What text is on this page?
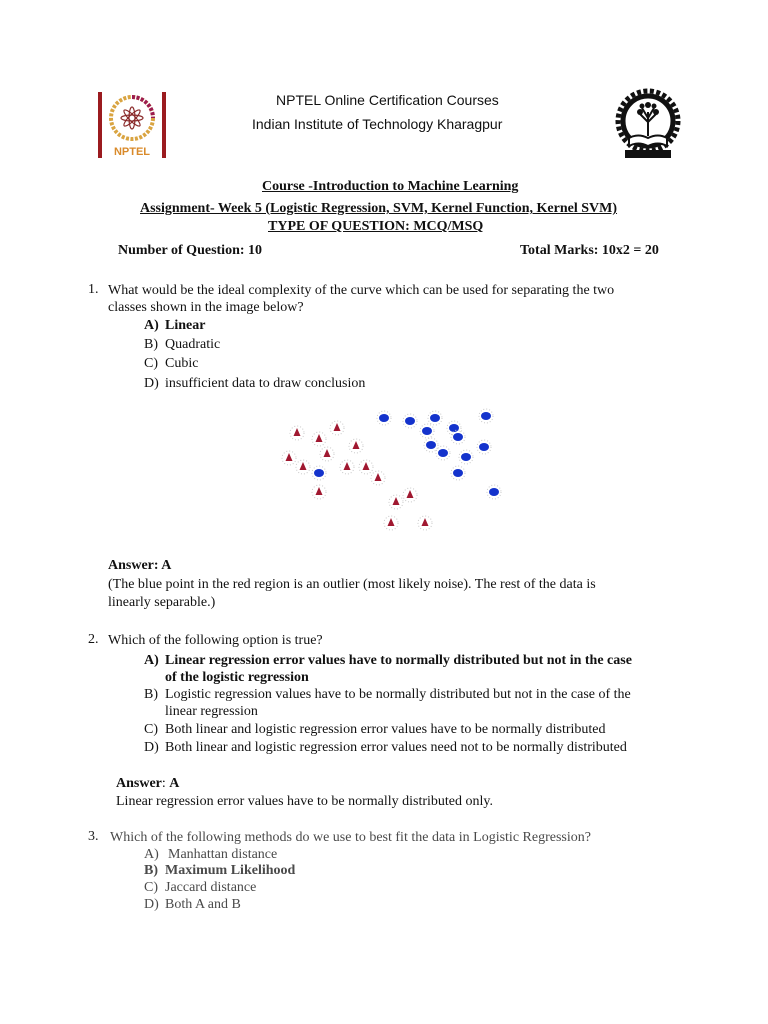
NPTEL
NPTEL Online Certification Courses
Indian Institute of Technology Kharagpur
Course -Introduction to Machine Learning
Assignment- Week 5 (Logistic Regression, SVM, Kernel Function, Kernel SVM)
TYPE OF QUESTION: MCQ/MSQ
Number of Question: 10	Total Marks: 10x2 = 20
1. What would be the ideal complexity of the curve which can be used for separating the two
classes shown in the image below?
A) Linear
B) Quadratic
C) Cubic
D) insufficient data to draw conclusion
Answer: A
(The blue point in the red region is an outlier (most likely noise). The rest of the data is
linearly separable.)
2. Which of the following option is true?
A) Linear regression error values have to normally distributed but not in the case
of the logistic regression
B) Logistic regression values have to be normally distributed but not in the case of the
linear regression
C) Both linear and logistic regression error values have to be normally distributed
D) Both linear and logistic regression error values need not to be normally distributed
Answer: A
Linear regression error values have to be normally distributed only.
3. Which of the following methods do we use to best fit the data in Logistic Regression?
A) Manhattan distance
B) Maximum Likelihood
C) Jaccard distance
D) Both A and B
